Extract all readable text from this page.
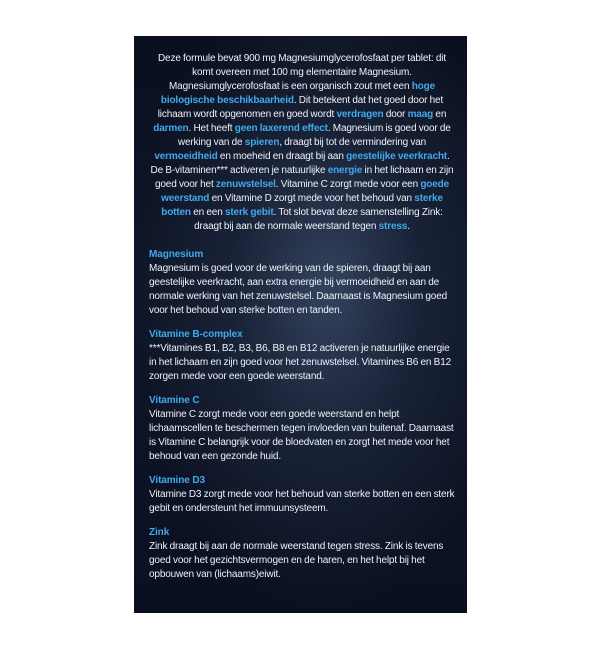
Deze formule bevat 900 mg Magnesiumglycerofosfaat per tablet: dit komt overeen met 100 mg elementaire Magnesium. Magnesiumglycerofosfaat is een organisch zout met een hoge biologische beschikbaarheid. Dit betekent dat het goed door het lichaam wordt opgenomen en goed wordt verdragen door maag en darmen. Het heeft geen laxerend effect. Magnesium is goed voor de werking van de spieren, draagt bij tot de vermindering van vermoeidheid en moeheid en draagt bij aan geestelijke veerkracht. De B-vitaminen*** activeren je natuurlijke energie in het lichaam en zijn goed voor het zenuwstelsel. Vitamine C zorgt mede voor een goede weerstand en Vitamine D zorgt mede voor het behoud van sterke botten en een sterk gebit. Tot slot bevat deze samenstelling Zink: draagt bij aan de normale weerstand tegen stress.

Magnesium

Magnesium is goed voor de werking van de spieren, draagt bij aan geestelijke veerkracht, aan extra energie bij vermoeidheid en aan de normale werking van het zenuwstelsel. Daarnaast is Magnesium goed voor het behoud van sterke botten en tanden.

Vitamine B-complex

***Vitamines B1, B2, B3, B6, B8 en B12 activeren je natuurlijke energie in het lichaam en zijn goed voor het zenuwstelsel. Vitamines B6 en B12 zorgen mede voor een goede weerstand.

Vitamine C

Vitamine C zorgt mede voor een goede weerstand en helpt lichaamscellen te beschermen tegen invloeden van buitenaf. Daarnaast is Vitamine C belangrijk voor de bloedvaten en zorgt het mede voor het behoud van een gezonde huid.

Vitamine D3

Vitamine D3 zorgt mede voor het behoud van sterke botten en een sterk gebit en ondersteunt het immuunsysteem.

Zink

Zink draagt bij aan de normale weerstand tegen stress. Zink is tevens goed voor het gezichtsvermogen en de haren, en het helpt bij het opbouwen van (lichaams)eiwit.
